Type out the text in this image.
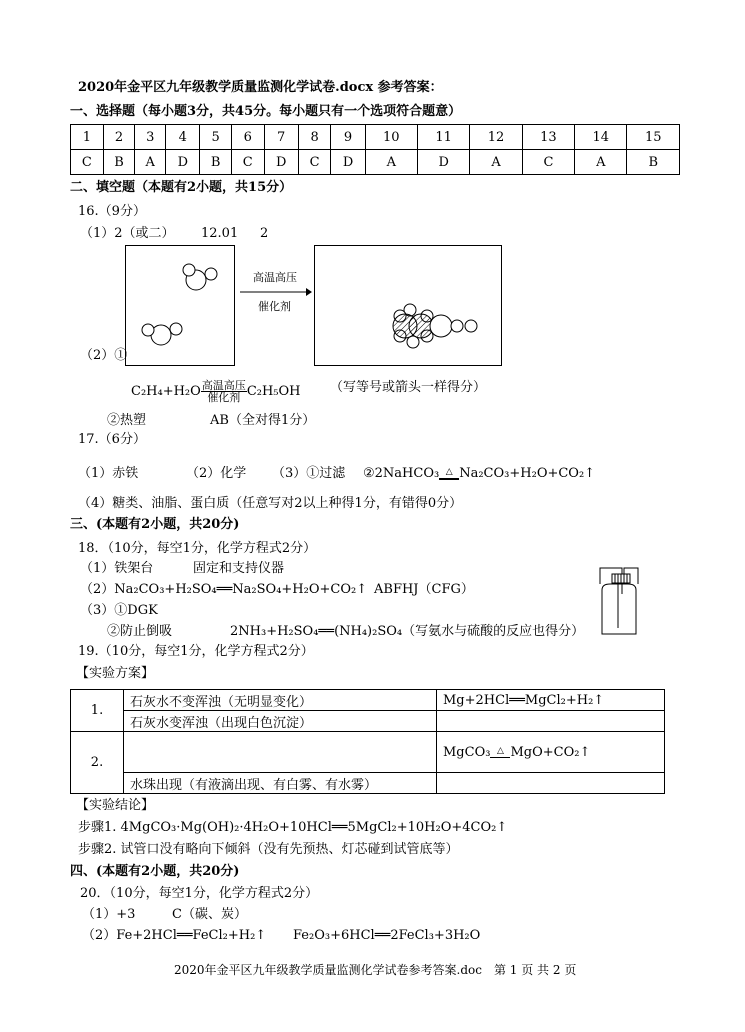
2020年金平区九年级教学质量监测化学试卷.docx 参考答案：
一、选择题（每小题3分，共45分。每小题只有一个选项符合题意）
1	2	3	4	5	6	7	8	9	10	11	12	13	14	15
C	B	A	D	B	C	D	C	D	A	D	A	C	A	B
二、填空题（本题有2小题，共15分）
16.（9分）
（1）2（或二） 12.01 2
高温高压
催化剂
（2）①
C₂H₄+H₂O 高温高压
催化剂 C₂H₅OH （写等号或箭头一样得分）
②热塑	AB（全对得1分）
17.（6分）
（1）赤铁	（2）化学 （3）①过滤 ②2NaHCO₃ △ Na₂CO₃+H₂O+CO₂↑
（4）糖类、油脂、蛋白质（任意写对2以上种得1分，有错得0分）
三、(本题有2小题，共20分)
18．（10分，每空1分，化学方程式2分）
（1）铁架台	固定和支持仪器
（2）Na₂CO₃+H₂SO₄══Na₂SO₄+H₂O+CO₂↑ ABFHJ（CFG）
（3）①DGK
②防止倒吸	2NH₃+H₂SO₄══(NH₄)₂SO₄（写氨水与硫酸的反应也得分）
19.（10分，每空1分，化学方程式2分）
【实验方案】
1.	石灰水不变浑浊（无明显变化）	Mg+2HCl══MgCl₂+H₂↑
	石灰水变浑浊（出现白色沉淀）	
2.		MgCO₃ △ MgO+CO₂↑
	水珠出现（有液滴出现、有白雾、有水雾）	
【实验结论】
步骤1. 4MgCO₃·Mg(OH)₂·4H₂O+10HCl══5MgCl₂+10H₂O+4CO₂↑
步骤2. 试管口没有略向下倾斜（没有先预热、灯芯碰到试管底等）
四、(本题有2小题，共20分)
20．（10分，每空1分，化学方程式2分）
（1）+3	C（碳、炭）
（2）Fe+2HCl══FeCl₂+H₂↑ Fe₂O₃+6HCl══2FeCl₃+3H₂O
2020年金平区九年级教学质量监测化学试卷参考答案.doc　第 1 页 共 2 页
